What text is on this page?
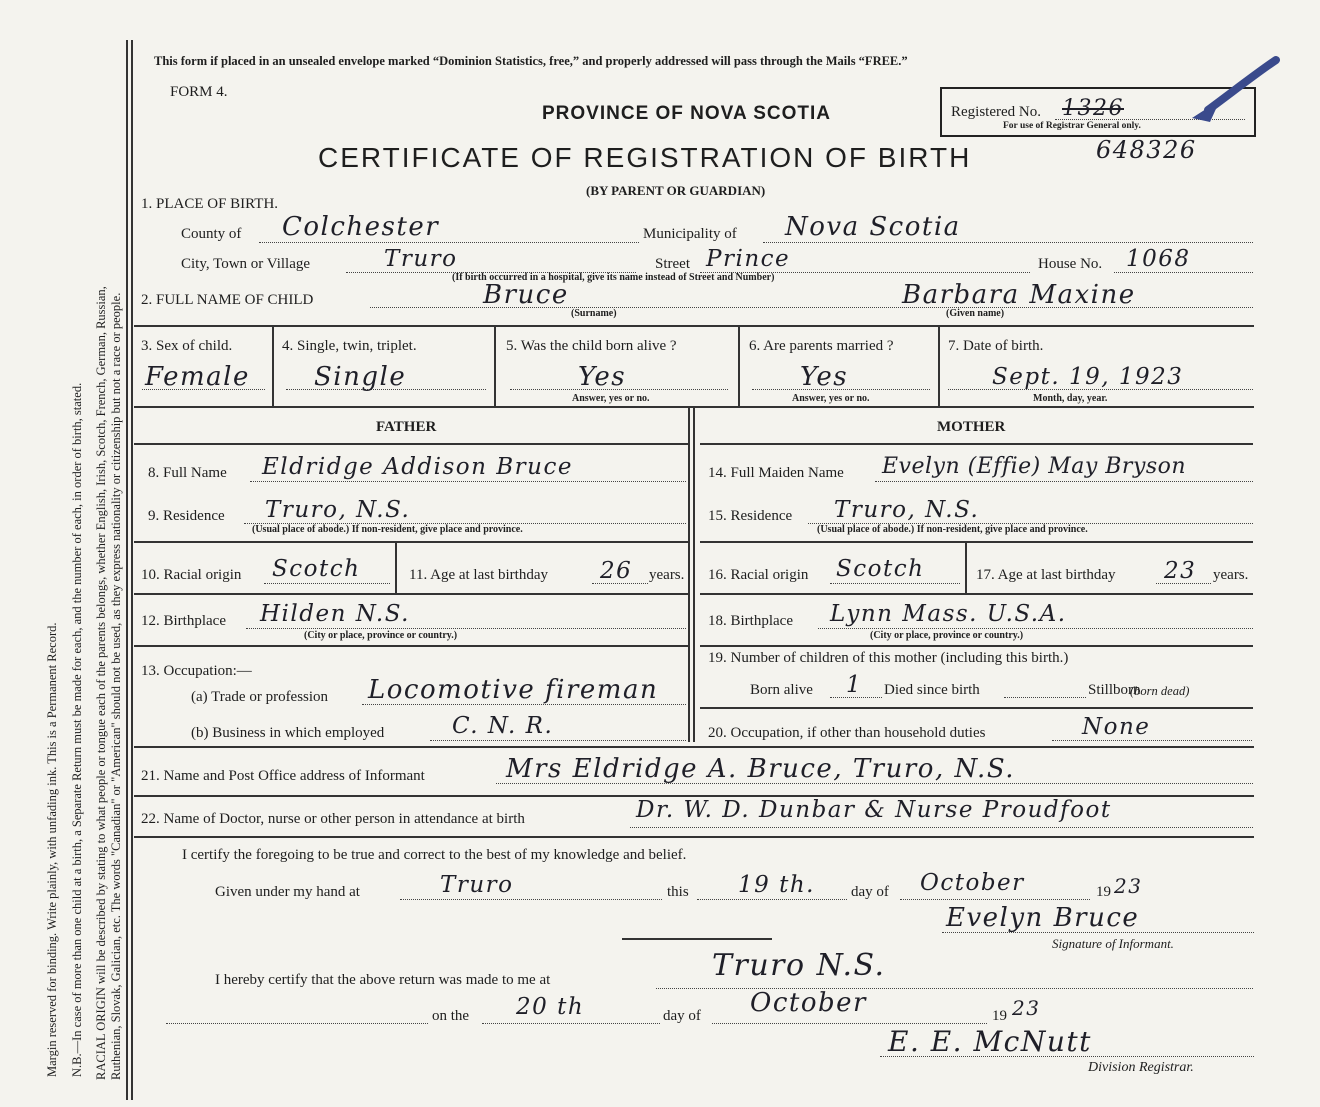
Margin reserved for binding. Write plainly, with unfading ink. This is a Permanent Record. N.B.—In case of more than one child at a birth, a Separate Return must be made for each, and the number of each, in order of birth, stated. RACIAL ORIGIN will be described by stating to what people or tongue each of the parents belongs, whether English, Irish, Scotch, French, German, Russian, Ruthenian, Slovak, Galician, etc. The words "Canadian" or "American" should not be used, as they express nationality or citizenship but not a race or people.
This form if placed in an unsealed envelope marked “Dominion Statistics, free,” and properly addressed will pass through the Mails “FREE.”
FORM 4.
PROVINCE OF NOVA SCOTIA
CERTIFICATE OF REGISTRATION OF BIRTH
(BY PARENT OR GUARDIAN)
Registered No. 1326
For use of Registrar General only.
648326
1. PLACE OF BIRTH.
County of Colchester	Municipality of Nova Scotia
City, Town or Village	Truro	Street Prince	House No. 1068
(If birth occurred in a hospital, give its name instead of Street and Number)
2. FULL NAME OF CHILD	Bruce
(Surname)
Barbara Maxine
(Given name)
3. Sex of child.
Female
4. Single, twin, triplet.
Single
5. Was the child born alive ?
Yes
Answer, yes or no.
6. Are parents married ?
Yes
Answer, yes or no.
7. Date of birth.
Sept. 19, 1923
Month, day, year.
FATHER	MOTHER
8. Full Name Eldridge Addison Bruce
9. Residence Truro, N.S.
(Usual place of abode.) If non-resident, give place and province.
10. Racial origin Scotch	11. Age at last birthday 26 years.
12. Birthplace Hilden N.S.
(City or place, province or country.)
13. Occupation:—
(a) Trade or profession Locomotive fireman
(b) Business in which employed	C. N. R.
14. Full Maiden Name Evelyn (Effie) May Bryson
15. Residence Truro, N.S.
(Usual place of abode.) If non-resident, give place and province.
16. Racial origin Scotch	17. Age at last birthday 23 years.
18. Birthplace Lynn Mass. U.S.A.
(City or place, province or country.)
19. Number of children of this mother (including this birth.)
Born alive 1 Died since birth	Stillborn
(born dead)
20. Occupation, if other than household duties	None
21. Name and Post Office address of Informant	Mrs Eldridge A. Bruce, Truro, N.S.
22. Name of Doctor, nurse or other person in attendance at birth	Dr. W. D. Dunbar & Nurse Proudfoot
I certify the foregoing to be true and correct to the best of my knowledge and belief.
Given under my hand at	Truro	this 19 th. day of October	19 23
Evelyn Bruce
Signature of Informant.
I hereby certify that the above return was made to me at	Truro N.S.
on the 20 th	day of October	19 23
E. E. McNutt
Division Registrar.
